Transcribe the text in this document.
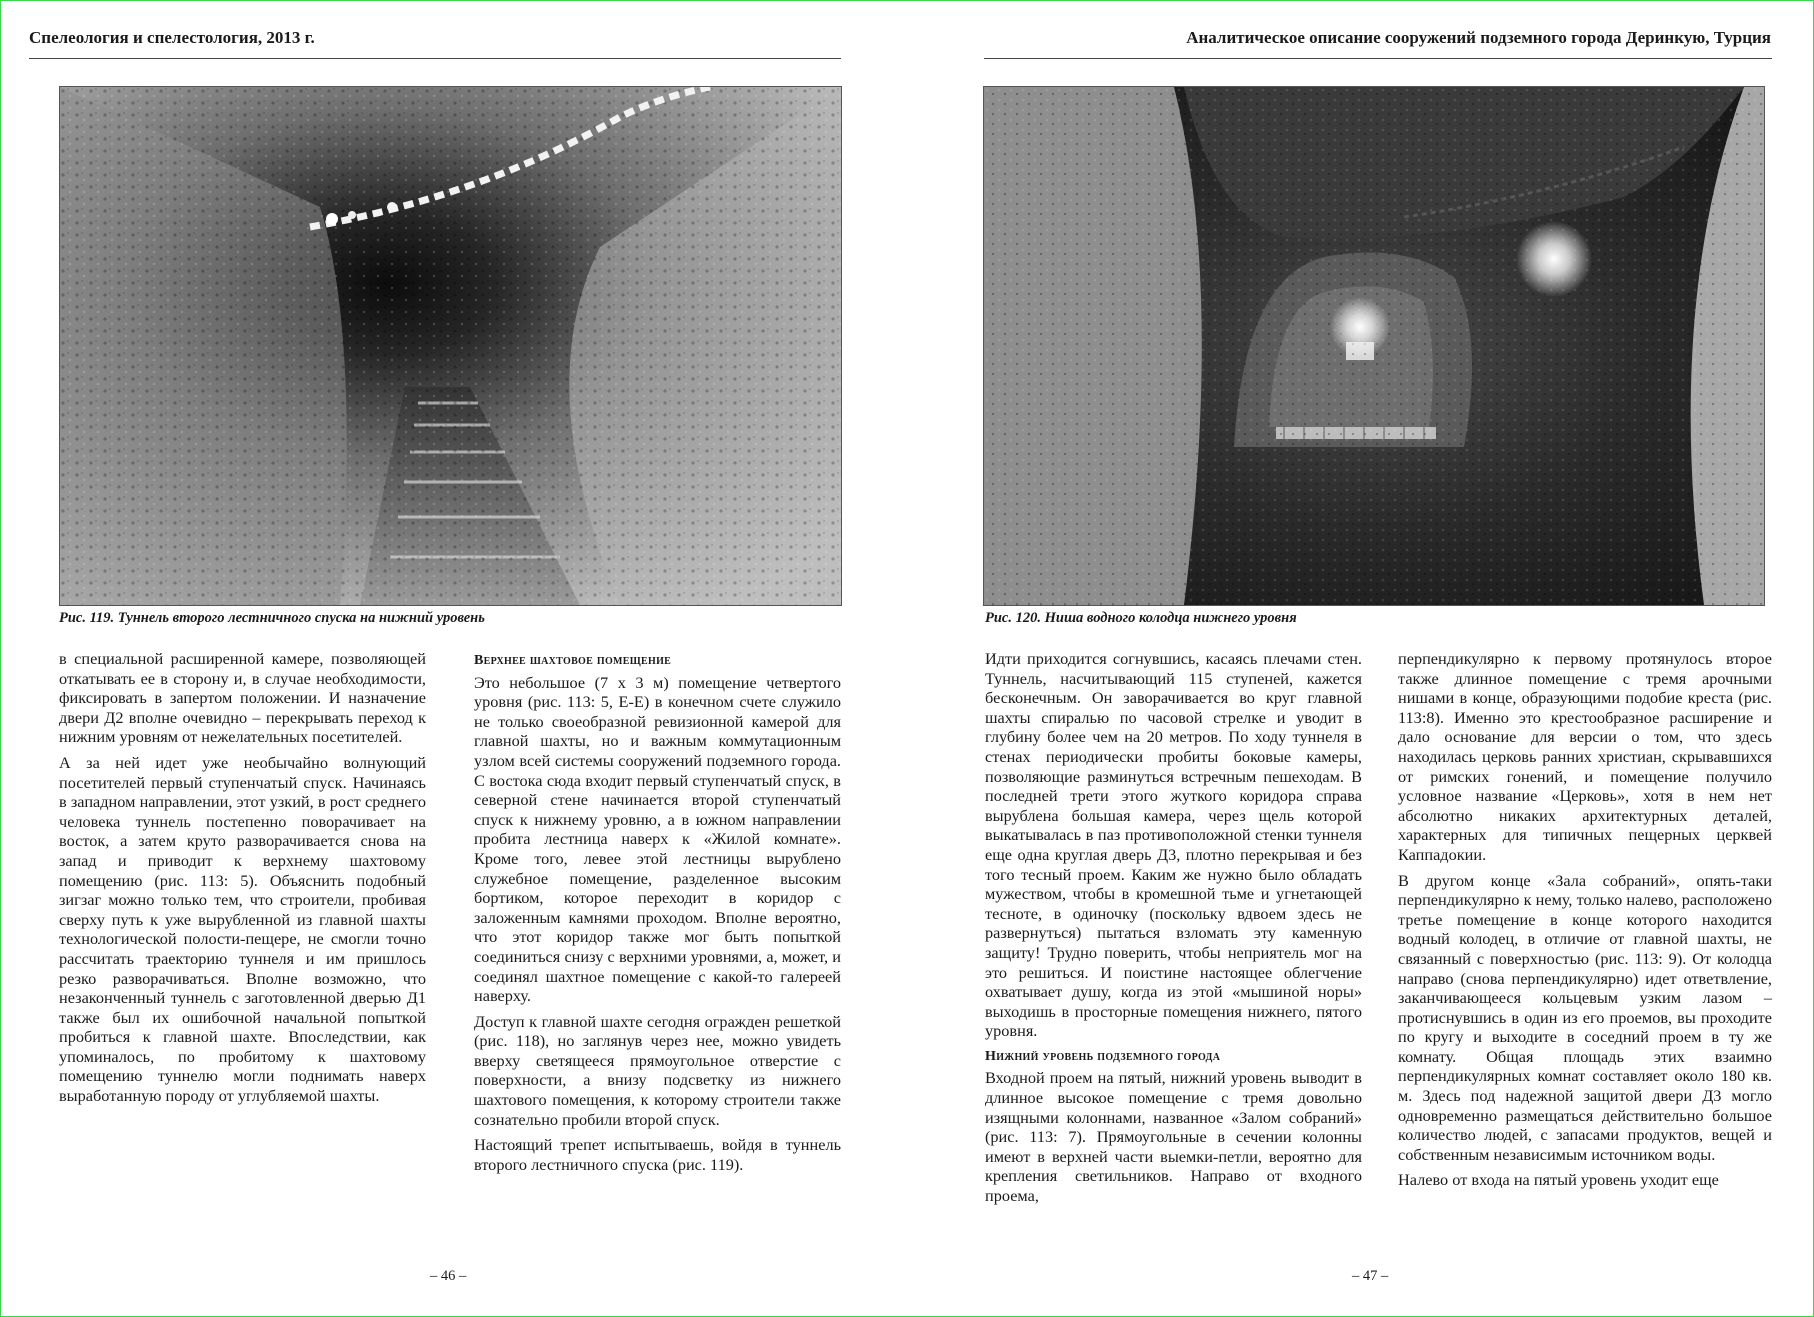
Спелеология и спелестология, 2013 г.
Рис. 119. Туннель второго лестничного спуска на нижний уровень

в специальной расширенной камере, позволяющей откатывать ее в сторону и, в случае необходимости, фиксировать в запертом положении. И назначение двери Д2 вполне очевидно – перекрывать переход к нижним уровням от нежелательных посетителей.

А за ней идет уже необычайно волнующий посетителей первый ступенчатый спуск. Начинаясь в западном направлении, этот узкий, в рост среднего человека туннель постепенно поворачивает на восток, а затем круто разворачивается снова на запад и приводит к верхнему шахтовому помещению (рис. 113: 5). Объяснить подобный зигзаг можно только тем, что строители, пробивая сверху путь к уже вырубленной из главной шахты технологической полости-пещере, не смогли точно рассчитать траекторию туннеля и им пришлось резко разворачиваться. Вполне возможно, что незаконченный туннель с заготовленной дверью Д1 также был их ошибочной начальной попыткой пробиться к главной шахте. Впоследствии, как упоминалось, по пробитому к шахтовому помещению туннелю могли поднимать наверх выработанную породу от углубляемой шахты.

Верхнее шахтовое помещение

Это небольшое (7 х 3 м) помещение четвертого уровня (рис. 113: 5, Е-Е) в конечном счете служило не только своеобразной ревизионной камерой для главной шахты, но и важным коммутационным узлом всей системы сооружений подземного города. С востока сюда входит первый ступенчатый спуск, в северной стене начинается второй ступенчатый спуск к нижнему уровню, а в южном направлении пробита лестница наверх к «Жилой комнате». Кроме того, левее этой лестницы вырублено служебное помещение, разделенное высоким бортиком, которое переходит в коридор с заложенным камнями проходом. Вполне вероятно, что этот коридор также мог быть попыткой соединиться снизу с верхними уровнями, а, может, и соединял шахтное помещение с какой-то галереей наверху.

Доступ к главной шахте сегодня огражден решеткой (рис. 118), но заглянув через нее, можно увидеть вверху светящееся прямоугольное отверстие с поверхности, а внизу подсветку из нижнего шахтового помещения, к которому строители также сознательно пробили второй спуск.

Настоящий трепет испытываешь, войдя в туннель второго лестничного спуска (рис. 119).

– 46 –
Аналитическое описание сооружений подземного города Деринкую, Турция
Рис. 120. Ниша водного колодца нижнего уровня

Идти приходится согнувшись, касаясь плечами стен. Туннель, насчитывающий 115 ступеней, кажется бесконечным. Он заворачивается во круг главной шахты спиралью по часовой стрелке и уводит в глубину более чем на 20 метров. По ходу туннеля в стенах периодически пробиты боковые камеры, позволяющие разминуться встречным пешеходам. В последней трети этого жуткого коридора справа вырублена большая камера, через щель которой выкатывалась в паз противоположной стенки туннеля еще одна круглая дверь Д3, плотно перекрывая и без того тесный проем. Каким же нужно было обладать мужеством, чтобы в кромешной тьме и угнетающей тесноте, в одиночку (поскольку вдвоем здесь не развернуться) пытаться взломать эту каменную защиту! Трудно поверить, чтобы неприятель мог на это решиться. И поистине настоящее облегчение охватывает душу, когда из этой «мышиной норы» выходишь в просторные помещения нижнего, пятого уровня.

Нижний уровень подземного города

Входной проем на пятый, нижний уровень выводит в длинное высокое помещение с тремя довольно изящными колоннами, названное «Залом собраний» (рис. 113: 7). Прямоугольные в сечении колонны имеют в верхней части выемки-петли, вероятно для крепления светильников. Направо от входного проема,

перпендикулярно к первому протянулось второе также длинное помещение с тремя арочными нишами в конце, образующими подобие креста (рис. 113:8). Именно это крестообразное расширение и дало основание для версии о том, что здесь находилась церковь ранних христиан, скрывавшихся от римских гонений, и помещение получило условное название «Церковь», хотя в нем нет абсолютно никаких архитектурных деталей, характерных для типичных пещерных церквей Каппадокии.

В другом конце «Зала собраний», опять-таки перпендикулярно к нему, только налево, расположено третье помещение в конце которого находится водный колодец, в отличие от главной шахты, не связанный с поверхностью (рис. 113: 9). От колодца направо (снова перпендикулярно) идет ответвление, заканчивающееся кольцевым узким лазом – протиснувшись в один из его проемов, вы проходите по кругу и выходите в соседний проем в ту же комнату. Общая площадь этих взаимно перпендикулярных комнат составляет около 180 кв. м. Здесь под надежной защитой двери Д3 могло одновременно размещаться действительно большое количество людей, с запасами продуктов, вещей и собственным независимым источником воды.

Налево от входа на пятый уровень уходит еще

– 47 –
